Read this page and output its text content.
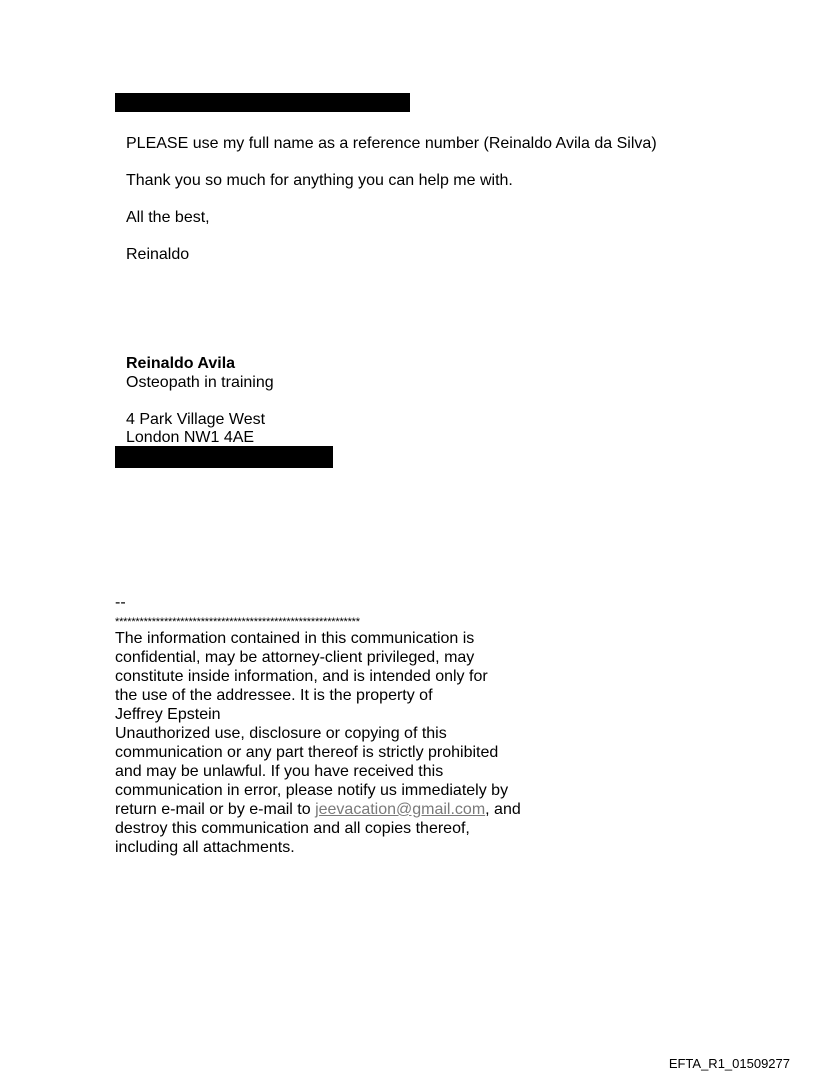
PLEASE use my full name as a reference number (Reinaldo Avila da Silva)
Thank you so much for anything you can help me with.
All the best,
Reinaldo
Reinaldo Avila
Osteopath in training
4 Park Village West
London NW1 4AE
--
************************************************************
The information contained in this communication is
confidential, may be attorney-client privileged, may
constitute inside information, and is intended only for
the use of the addressee. It is the property of
Jeffrey Epstein
Unauthorized use, disclosure or copying of this
communication or any part thereof is strictly prohibited
and may be unlawful. If you have received this
communication in error, please notify us immediately by
return e-mail or by e-mail to jeevacation@gmail.com, and
destroy this communication and all copies thereof,
including all attachments.
EFTA_R1_01509277
